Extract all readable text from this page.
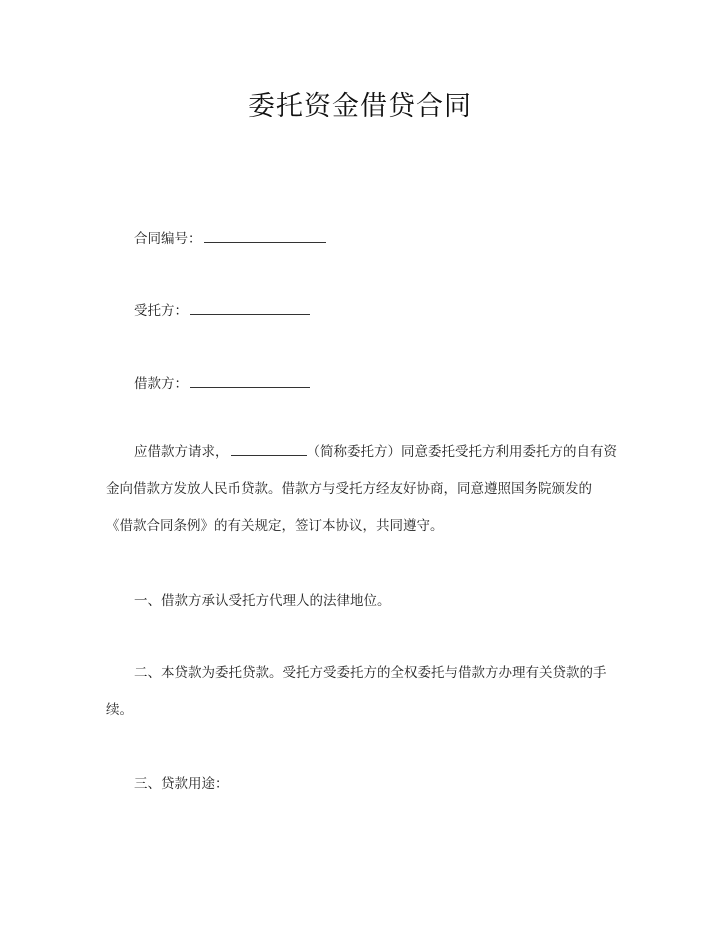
委托资金借贷合同
合同编号：
受托方：
借款方：
应借款方请求，	（简称委托方）同意委托受托方利用委托方的自有资金向借款方发放人民币贷款。借款方与受托方经友好协商，同意遵照国务院颁发的《借款合同条例》的有关规定，签订本协议，共同遵守。
一、借款方承认受托方代理人的法律地位。
二、本贷款为委托贷款。受托方受委托方的全权委托与借款方办理有关贷款的手续。
三、贷款用途：
